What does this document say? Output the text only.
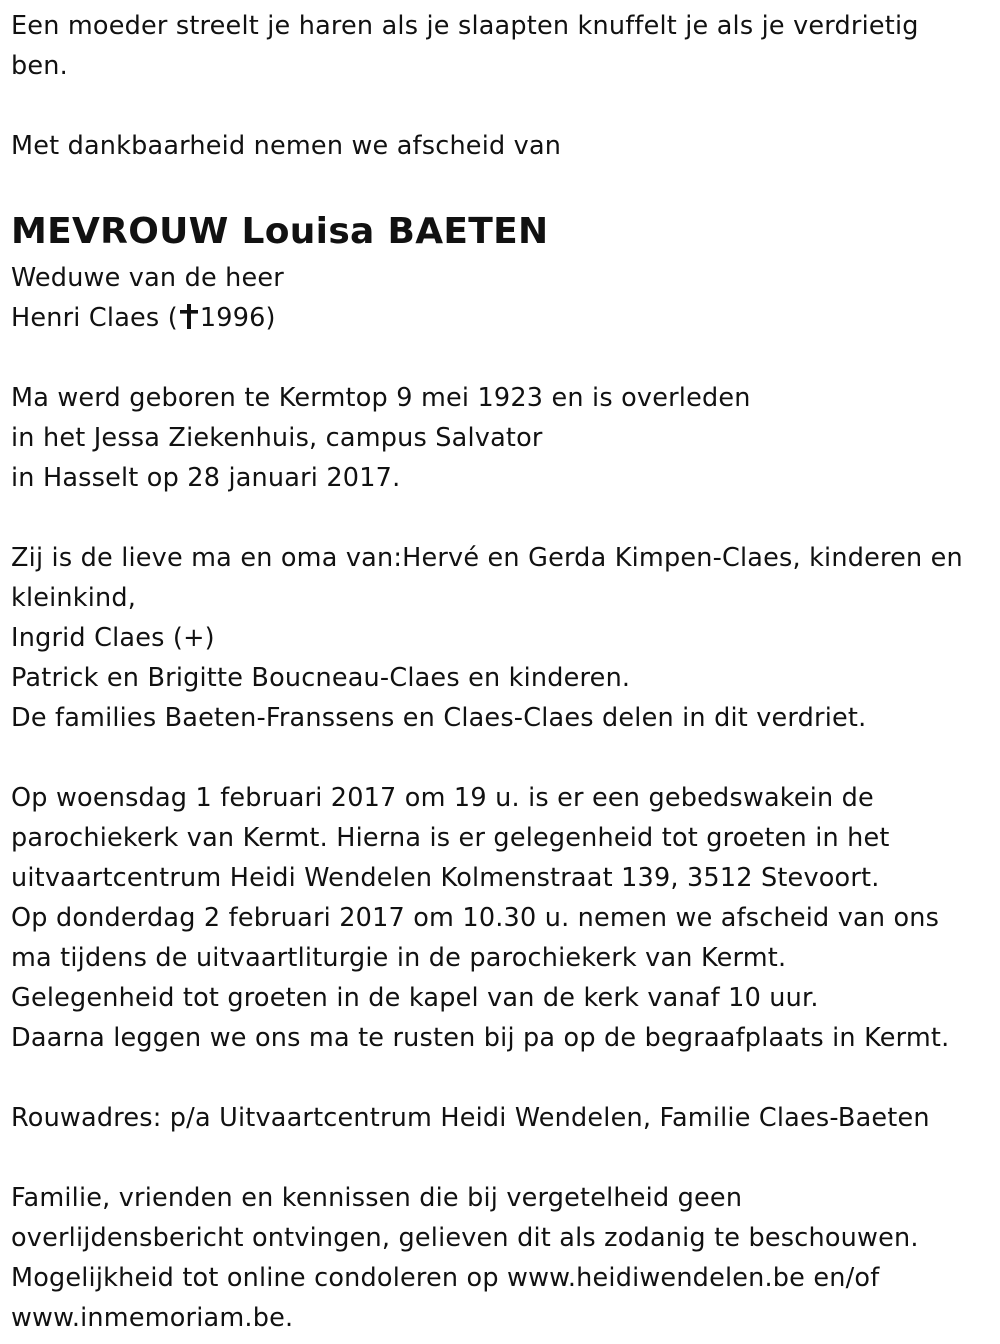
Een moeder streelt je haren als je slaapten knuffelt je als je verdrietig
ben.
Met dankbaarheid nemen we afscheid van
MEVROUW Louisa BAETEN
Weduwe van de heer
Henri Claes ( 1996)
Ma werd geboren te Kermtop 9 mei 1923 en is overleden
in het Jessa Ziekenhuis, campus Salvator
in Hasselt op 28 januari 2017.
Zij is de lieve ma en oma van:Hervé en Gerda Kimpen-Claes, kinderen en
kleinkind,
Ingrid Claes (+)
Patrick en Brigitte Boucneau-Claes en kinderen.
De families Baeten-Franssens en Claes-Claes delen in dit verdriet.
Op woensdag 1 februari 2017 om 19 u. is er een gebedswakein de
parochiekerk van Kermt. Hierna is er gelegenheid tot groeten in het
uitvaartcentrum Heidi Wendelen Kolmenstraat 139, 3512 Stevoort.
Op donderdag 2 februari 2017 om 10.30 u. nemen we afscheid van ons
ma tijdens de uitvaartliturgie in de parochiekerk van Kermt.
Gelegenheid tot groeten in de kapel van de kerk vanaf 10 uur.
Daarna leggen we ons ma te rusten bij pa op de begraafplaats in Kermt.
Rouwadres: p/a Uitvaartcentrum Heidi Wendelen, Familie Claes-Baeten
Familie, vrienden en kennissen die bij vergetelheid geen
overlijdensbericht ontvingen, gelieven dit als zodanig te beschouwen.
Mogelijkheid tot online condoleren op www.heidiwendelen.be en/of
www.inmemoriam.be.
